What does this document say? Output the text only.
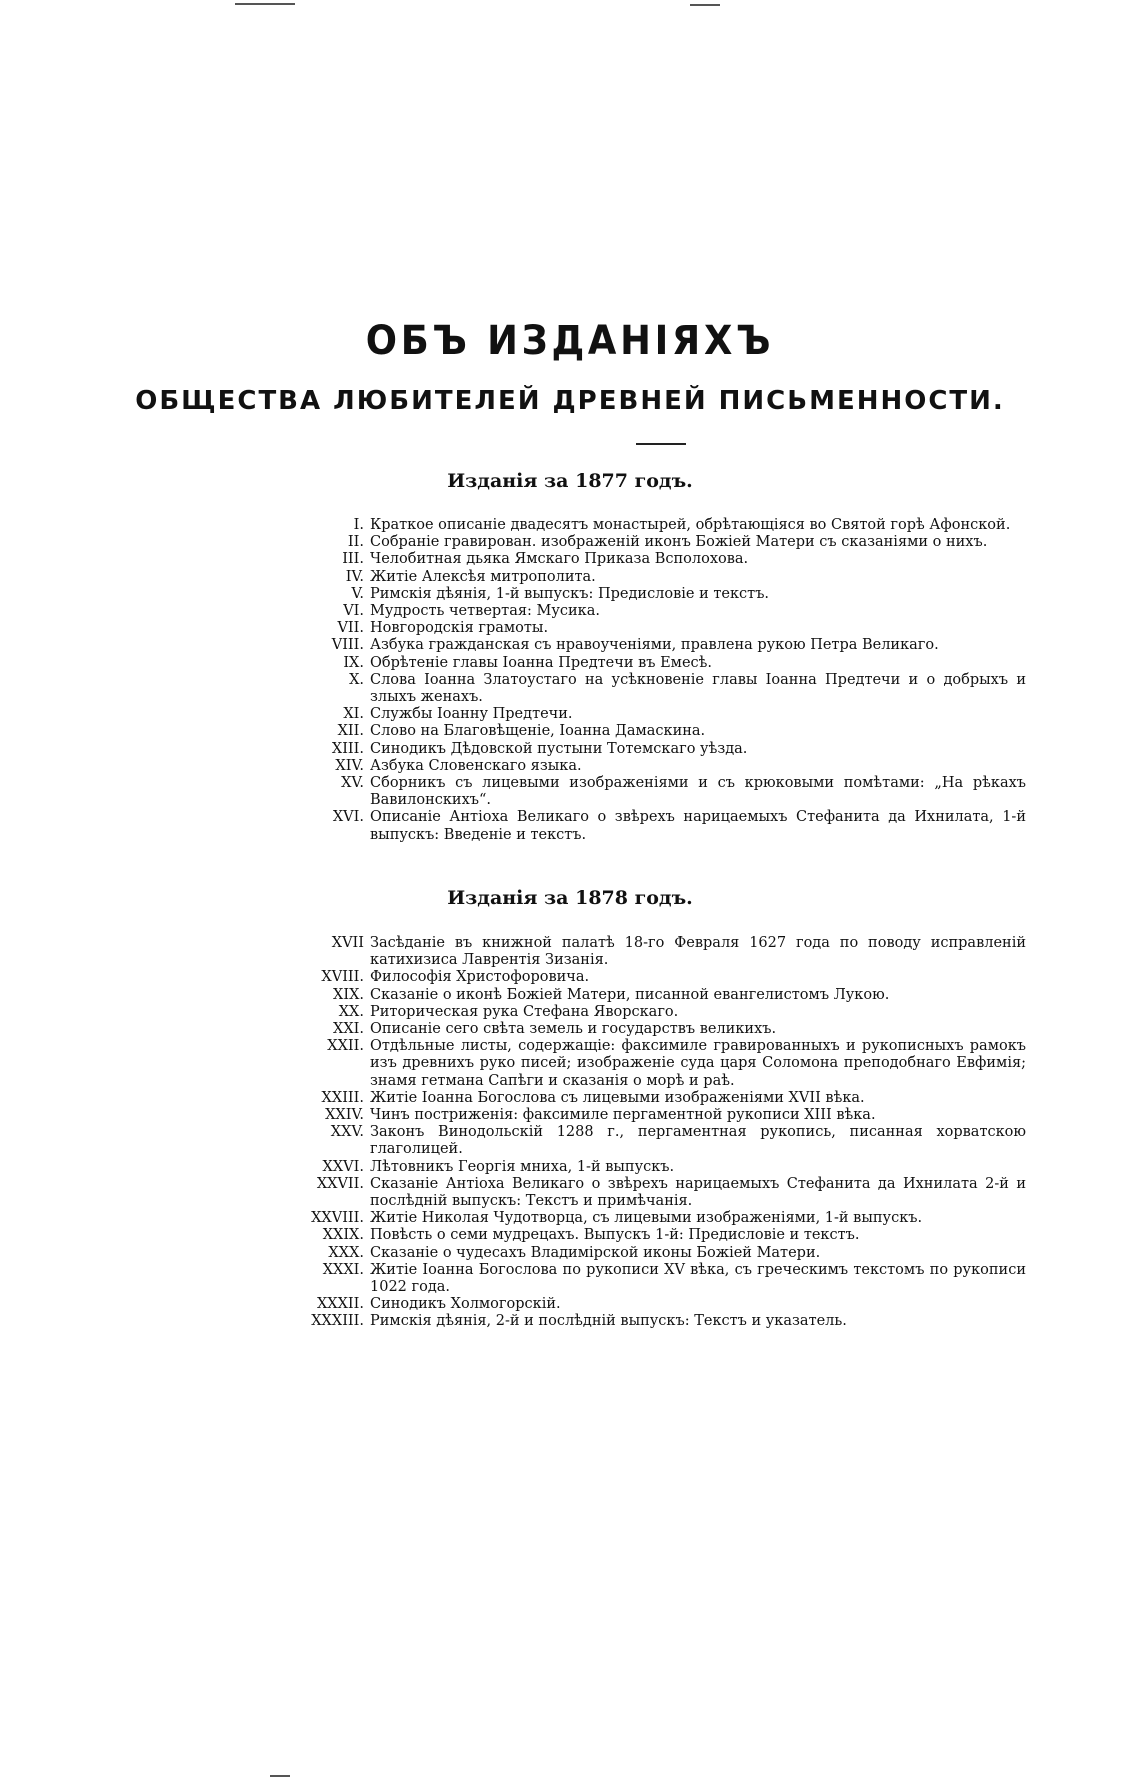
ОБЪ ИЗДАНІЯХЪ
ОБЩЕСТВА ЛЮБИТЕЛЕЙ ДРЕВНЕЙ ПИСЬМЕННОСТИ.
Изданія за 1877 годъ.
I. Краткое описаніе двадесятъ монастырей, обрѣтающіяся во Святой горѣ Афонской.
II. Собраніе гравирован. изображеній иконъ Божіей Матери съ сказаніями о нихъ.
III. Челобитная дьяка Ямскаго Приказа Всполохова.
IV. Житіе Алексѣя митрополита.
V. Римскія дѣянія, 1-й выпускъ: Предисловіе и текстъ.
VI. Мудрость четвертая: Мусика.
VII. Новгородскія грамоты.
VIII. Азбука гражданская съ нравоученіями, правлена рукою Петра Великаго.
IX. Обрѣтеніе главы Іоанна Предтечи въ Емесѣ.
X. Слова Іоанна Златоустаго на усѣкновеніе главы Іоанна Предтечи и о добрыхъ и злыхъ женахъ.
XI. Службы Іоанну Предтечи.
XII. Слово на Благовѣщеніе, Іоанна Дамаскина.
XIII. Синодикъ Дѣдовской пустыни Тотемскаго уѣзда.
XIV. Азбука Словенскаго языка.
XV. Сборникъ съ лицевыми изображеніями и съ крюковыми помѣтами: „На рѣкахъ Вавилонскихъ“.
XVI. Описаніе Антіоха Великаго о звѣрехъ нарицаемыхъ Стефанита да Ихнилата, 1-й выпускъ: Введеніе и текстъ.
Изданія за 1878 годъ.
XVII Засѣданіе въ книжной палатѣ 18-го Февраля 1627 года по поводу исправленій катихизиса Лаврентія Зизанія.
XVIII. Философія Христофоровича.
XIX. Сказаніе о иконѣ Божіей Матери, писанной евангелистомъ Лукою.
XX. Риторическая рука Стефана Яворскаго.
XXI. Описаніе сего свѣта земель и государствъ великихъ.
XXII. Отдѣльные листы, содержащіе: факсимиле гравированныхъ и рукописныхъ рамокъ изъ древнихъ руко писей; изображеніе суда царя Соломона преподобнаго Евфимія; знамя гетмана Сапѣги и сказанія о морѣ и раѣ.
XXIII. Житіе Іоанна Богослова съ лицевыми изображеніями XVII вѣка.
XXIV. Чинъ постриженія: факсимиле пергаментной рукописи XIII вѣка.
XXV. Законъ Винодольскій 1288 г., пергаментная рукопись, писанная хорватскою глаголицей.
XXVI. Лѣтовникъ Георгія мниха, 1-й выпускъ.
XXVII. Сказаніе Антіоха Великаго о звѣрехъ нарицаемыхъ Стефанита да Ихнилата 2-й и послѣдній выпускъ: Текстъ и примѣчанія.
XXVIII. Житіе Николая Чудотворца, съ лицевыми изображеніями, 1-й выпускъ.
XXIX. Повѣсть о семи мудрецахъ. Выпускъ 1-й: Предисловіе и текстъ.
XXX. Сказаніе о чудесахъ Владимірской иконы Божіей Матери.
XXXI. Житіе Іоанна Богослова по рукописи XV вѣка, съ греческимъ текстомъ по рукописи 1022 года.
XXXII. Синодикъ Холмогорскій.
XXXIII. Римскія дѣянія, 2-й и послѣдній выпускъ: Текстъ и указатель.
